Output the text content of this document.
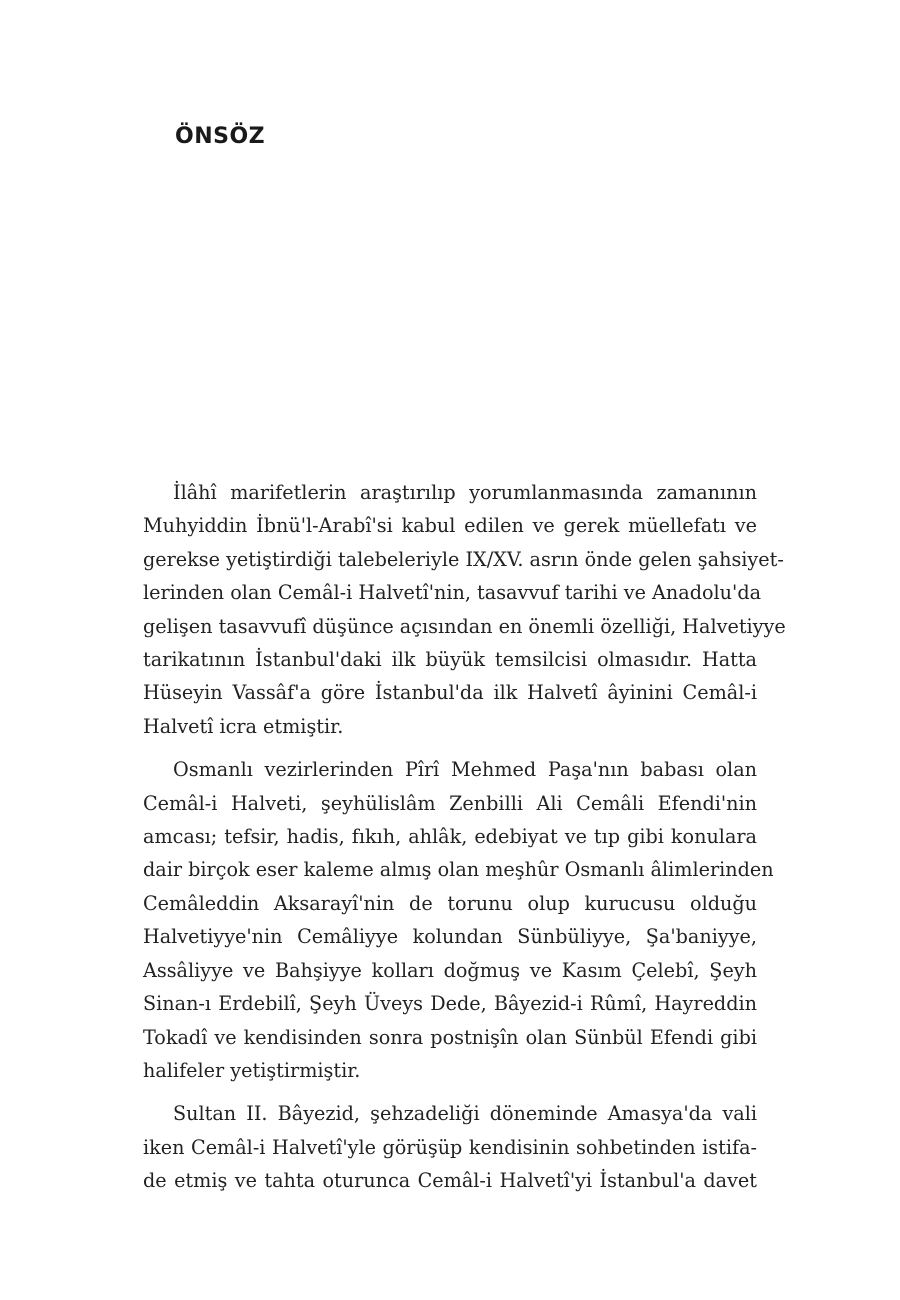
ÖNSÖZ

İlâhî marifetlerin araştırılıp yorumlanmasında zamanının
Muhyiddin İbnü'l-Arabî'si kabul edilen ve gerek müellefatı ve
gerekse yetiştirdiği talebeleriyle IX/XV. asrın önde gelen şahsiyet-
lerinden olan Cemâl-i Halvetî'nin, tasavvuf tarihi ve Anadolu'da
gelişen tasavvufî düşünce açısından en önemli özelliği, Halvetiyye
tarikatının İstanbul'daki ilk büyük temsilcisi olmasıdır. Hatta
Hüseyin Vassâf'a göre İstanbul'da ilk Halvetî âyinini Cemâl-i
Halvetî icra etmiştir.

Osmanlı vezirlerinden Pîrî Mehmed Paşa'nın babası olan
Cemâl-i Halveti, şeyhülislâm Zenbilli Ali Cemâli Efendi'nin
amcası; tefsir, hadis, fıkıh, ahlâk, edebiyat ve tıp gibi konulara
dair birçok eser kaleme almış olan meşhûr Osmanlı âlimlerinden
Cemâleddin Aksarayî'nin de torunu olup kurucusu olduğu
Halvetiyye'nin Cemâliyye kolundan Sünbüliyye, Şa'baniyye,
Assâliyye ve Bahşiyye kolları doğmuş ve Kasım Çelebî, Şeyh
Sinan-ı Erdebilî, Şeyh Üveys Dede, Bâyezid-i Rûmî, Hayreddin
Tokadî ve kendisinden sonra postnişîn olan Sünbül Efendi gibi
halifeler yetiştirmiştir.

Sultan II. Bâyezid, şehzadeliği döneminde Amasya'da vali
iken Cemâl-i Halvetî'yle görüşüp kendisinin sohbetinden istifa-
de etmiş ve tahta oturunca Cemâl-i Halvetî'yi İstanbul'a davet
